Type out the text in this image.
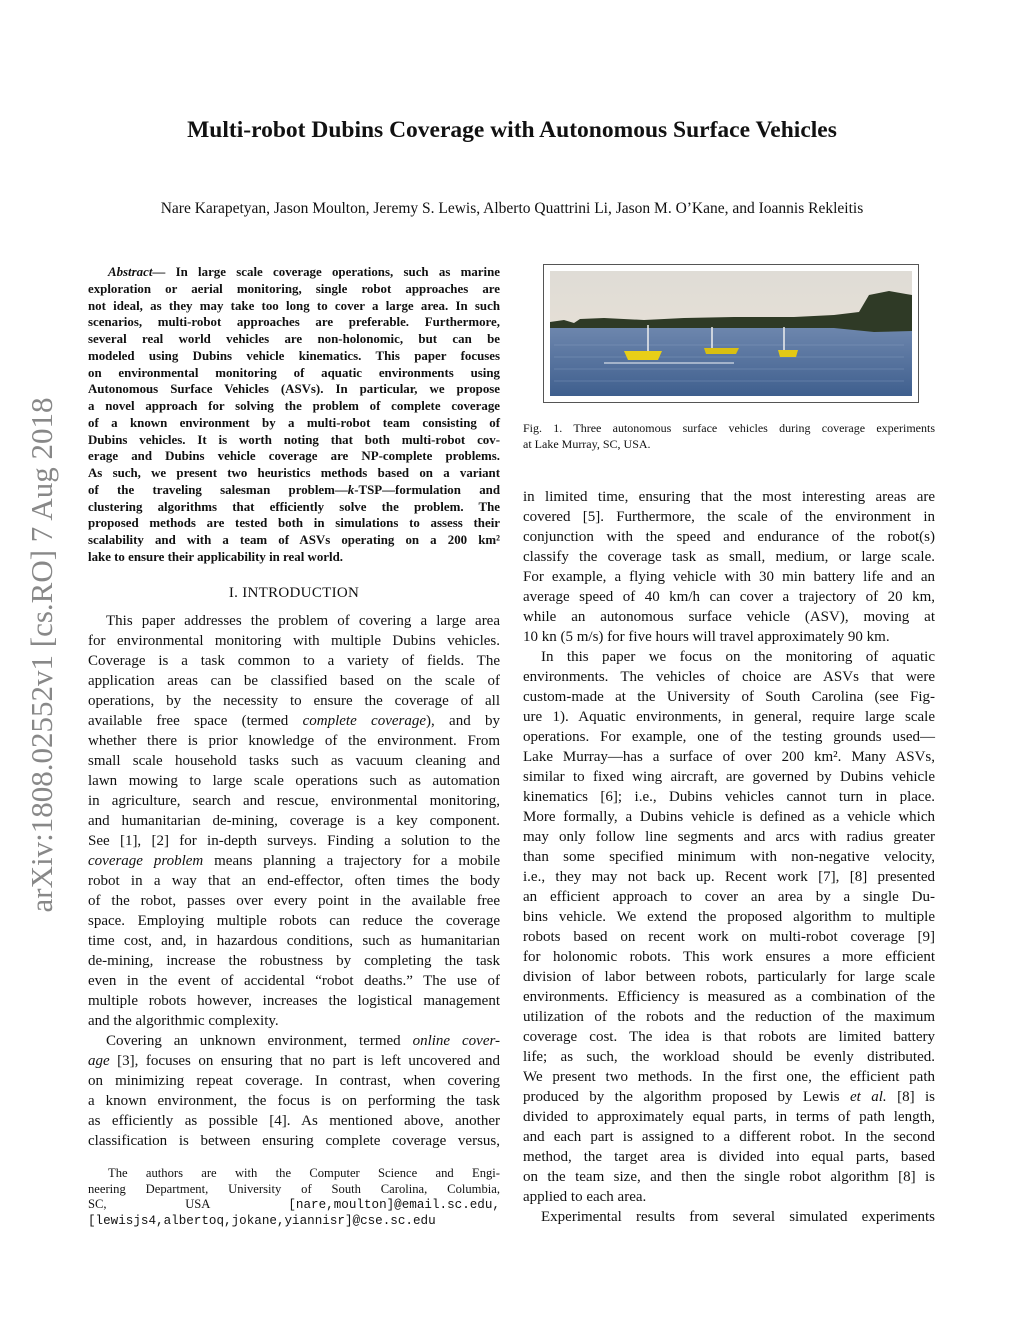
Multi-robot Dubins Coverage with Autonomous Surface Vehicles
Nare Karapetyan, Jason Moulton, Jeremy S. Lewis, Alberto Quattrini Li, Jason M. O’Kane, and Ioannis Rekleitis
arXiv:1808.02552v1 [cs.RO] 7 Aug 2018
Abstract— In large scale coverage operations, such as marine
exploration or aerial monitoring, single robot approaches are
not ideal, as they may take too long to cover a large area. In such
scenarios, multi-robot approaches are preferable. Furthermore,
several real world vehicles are non-holonomic, but can be
modeled using Dubins vehicle kinematics. This paper focuses
on environmental monitoring of aquatic environments using
Autonomous Surface Vehicles (ASVs). In particular, we propose
a novel approach for solving the problem of complete coverage
of a known environment by a multi-robot team consisting of
Dubins vehicles. It is worth noting that both multi-robot cov-
erage and Dubins vehicle coverage are NP-complete problems.
As such, we present two heuristics methods based on a variant
of the traveling salesman problem—k-TSP—formulation and
clustering algorithms that efficiently solve the problem. The
proposed methods are tested both in simulations to assess their
scalability and with a team of ASVs operating on a 200 km²
lake to ensure their applicability in real world.
I. INTRODUCTION
This paper addresses the problem of covering a large area
for environmental monitoring with multiple Dubins vehicles.
Coverage is a task common to a variety of fields. The
application areas can be classified based on the scale of
operations, by the necessity to ensure the coverage of all
available free space (termed complete coverage), and by
whether there is prior knowledge of the environment. From
small scale household tasks such as vacuum cleaning and
lawn mowing to large scale operations such as automation
in agriculture, search and rescue, environmental monitoring,
and humanitarian de-mining, coverage is a key component.
See [1], [2] for in-depth surveys. Finding a solution to the
coverage problem means planning a trajectory for a mobile
robot in a way that an end-effector, often times the body
of the robot, passes over every point in the available free
space. Employing multiple robots can reduce the coverage
time cost, and, in hazardous conditions, such as humanitarian
de-mining, increase the robustness by completing the task
even in the event of accidental “robot deaths.” The use of
multiple robots however, increases the logistical management
and the algorithmic complexity.
Covering an unknown environment, termed online cover-
age [3], focuses on ensuring that no part is left uncovered and
on minimizing repeat coverage. In contrast, when covering
a known environment, the focus is on performing the task
as efficiently as possible [4]. As mentioned above, another
classification is between ensuring complete coverage versus,
The authors are with the Computer Science and Engi-
neering Department, University of South Carolina, Columbia,
SC, USA [nare,moulton]@email.sc.edu,
[lewisjs4,albertoq,jokane,yiannisr]@cse.sc.edu
Fig. 1. Three autonomous surface vehicles during coverage experiments
at Lake Murray, SC, USA.
in limited time, ensuring that the most interesting areas are
covered [5]. Furthermore, the scale of the environment in
conjunction with the speed and endurance of the robot(s)
classify the coverage task as small, medium, or large scale.
For example, a flying vehicle with 30 min battery life and an
average speed of 40 km/h can cover a trajectory of 20 km,
while an autonomous surface vehicle (ASV), moving at
10 kn (5 m/s) for five hours will travel approximately 90 km.
In this paper we focus on the monitoring of aquatic
environments. The vehicles of choice are ASVs that were
custom-made at the University of South Carolina (see Fig-
ure 1). Aquatic environments, in general, require large scale
operations. For example, one of the testing grounds used—
Lake Murray—has a surface of over 200 km². Many ASVs,
similar to fixed wing aircraft, are governed by Dubins vehicle
kinematics [6]; i.e., Dubins vehicles cannot turn in place.
More formally, a Dubins vehicle is defined as a vehicle which
may only follow line segments and arcs with radius greater
than some specified minimum with non-negative velocity,
i.e., they may not back up. Recent work [7], [8] presented
an efficient approach to cover an area by a single Du-
bins vehicle. We extend the proposed algorithm to multiple
robots based on recent work on multi-robot coverage [9]
for holonomic robots. This work ensures a more efficient
division of labor between robots, particularly for large scale
environments. Efficiency is measured as a combination of the
utilization of the robots and the reduction of the maximum
coverage cost. The idea is that robots are limited battery
life; as such, the workload should be evenly distributed.
We present two methods. In the first one, the efficient path
produced by the algorithm proposed by Lewis et al. [8] is
divided to approximately equal parts, in terms of path length,
and each part is assigned to a different robot. In the second
method, the target area is divided into equal parts, based
on the team size, and then the single robot algorithm [8] is
applied to each area.
Experimental results from several simulated experiments
